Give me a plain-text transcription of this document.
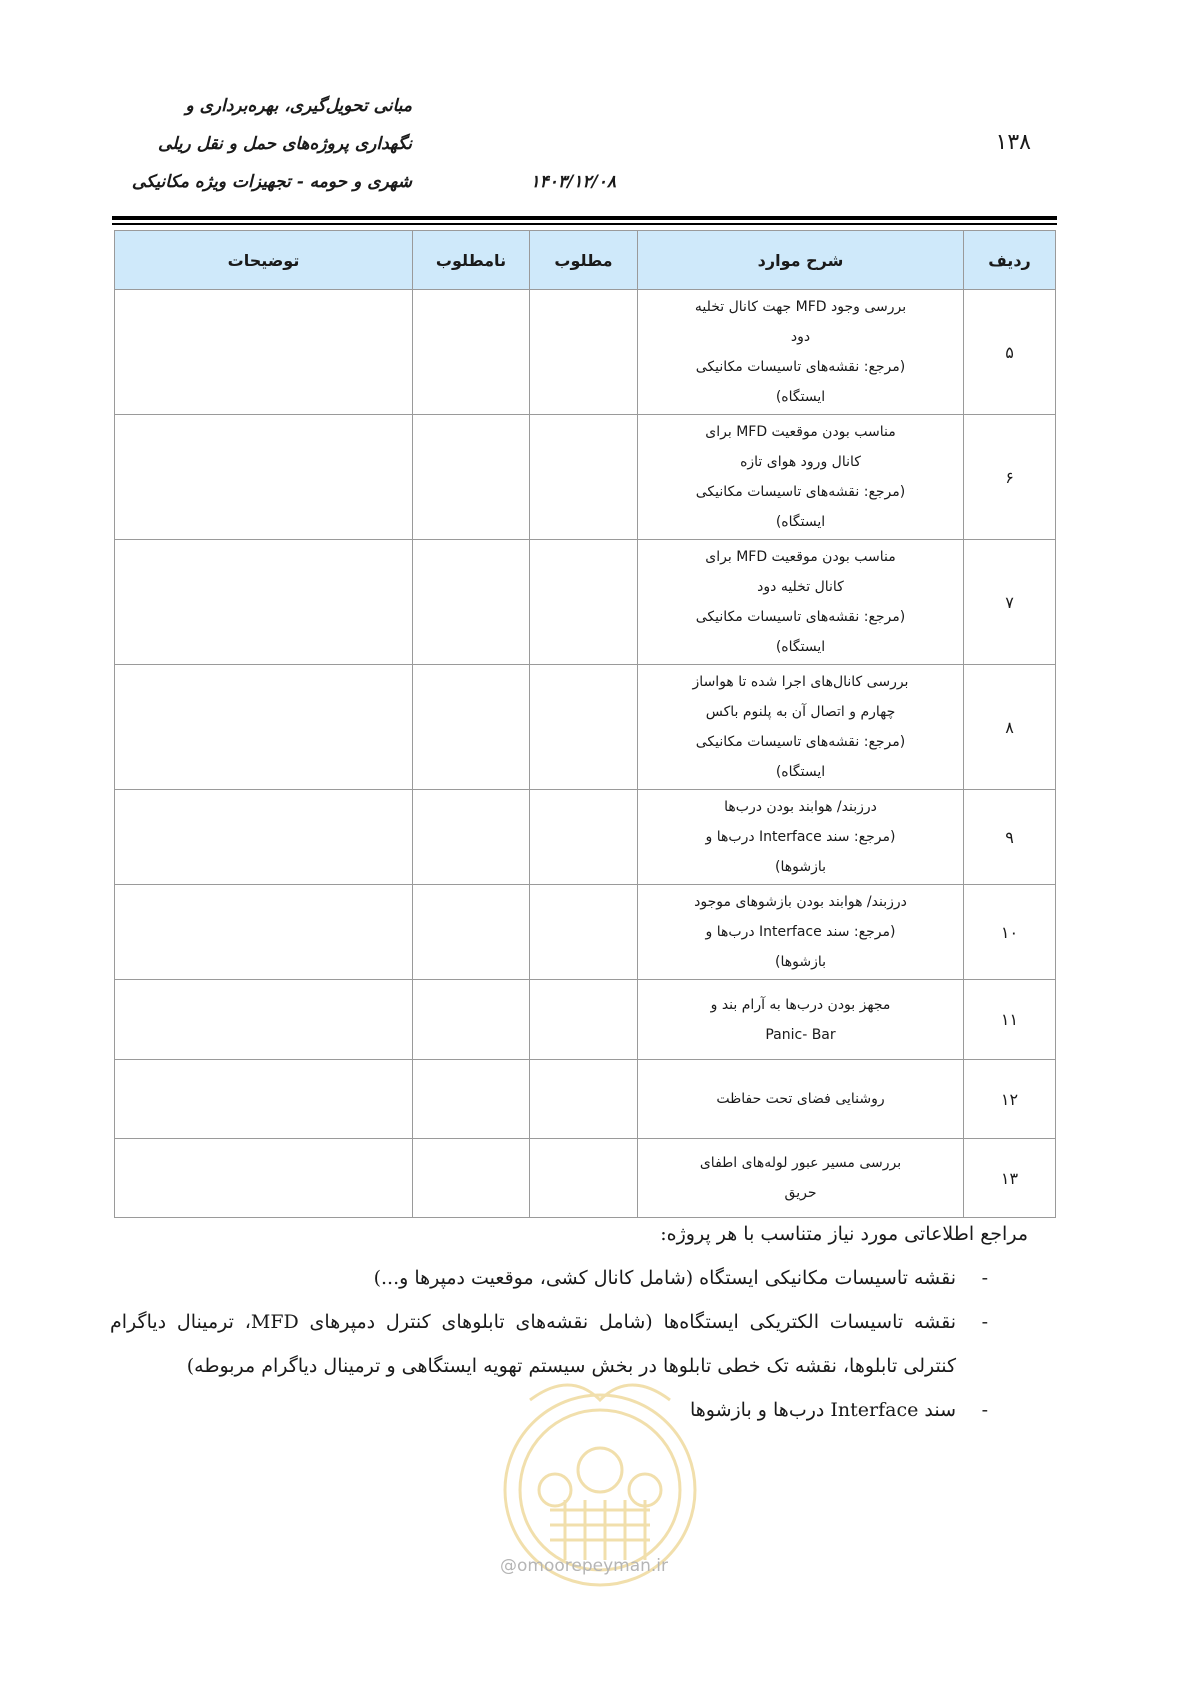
مبانی تحویل‌گیری، بهره‌برداری و
نگهداری پروژه‌های حمل و نقل ریلی
شهری و حومه - تجهیزات ویژه مکانیکی	۱۴۰۳/۱۲/۰۸
۱۳۸
ردیف	شرح موارد	مطلوب	نامطلوب	توضیحات
۵	بررسی وجود MFD جهت کانال تخلیه
دود
(مرجع: نقشه‌های تاسیسات مکانیکی
ایستگاه)			

۶	مناسب بودن موقعیت MFD برای
کانال ورود هوای تازه
(مرجع: نقشه‌های تاسیسات مکانیکی
ایستگاه)			

۷	مناسب بودن موقعیت MFD برای
کانال تخلیه دود
(مرجع: نقشه‌های تاسیسات مکانیکی
ایستگاه)			

۸	بررسی کانال‌های اجرا شده تا هواساز
چهارم و اتصال آن به پلنوم باکس
(مرجع: نقشه‌های تاسیسات مکانیکی
ایستگاه)			

۹	درزبند/ هوابند بودن درب‌ها
(مرجع: سند Interface درب‌ها و
بازشوها)			

۱۰	درزبند/ هوابند بودن بازشوهای موجود
(مرجع: سند Interface درب‌ها و
بازشوها)			

۱۱	مجهز بودن درب‌ها به آرام بند و
Panic- Bar			

۱۲	روشنایی فضای تحت حفاظت			

۱۳	بررسی مسیر عبور لوله‌های اطفای
حریق			

مراجع اطلاعاتی مورد نیاز متناسب با هر پروژه:
-
نقشه تاسیسات مکانیکی ایستگاه (شامل کانال کشی، موقعیت دمپرها و...)
-
نقشه تاسیسات الکتریکی ایستگاه‌ها (شامل نقشه‌های تابلوهای کنترل دمپرهای MFD، ترمینال دیاگرام کنترلی تابلوها، نقشه تک خطی تابلوها در بخش سیستم تهویه ایستگاهی و ترمینال دیاگرام مربوطه)
-
سند Interface درب‌ها و بازشوها
@omoorepeyman.ir
